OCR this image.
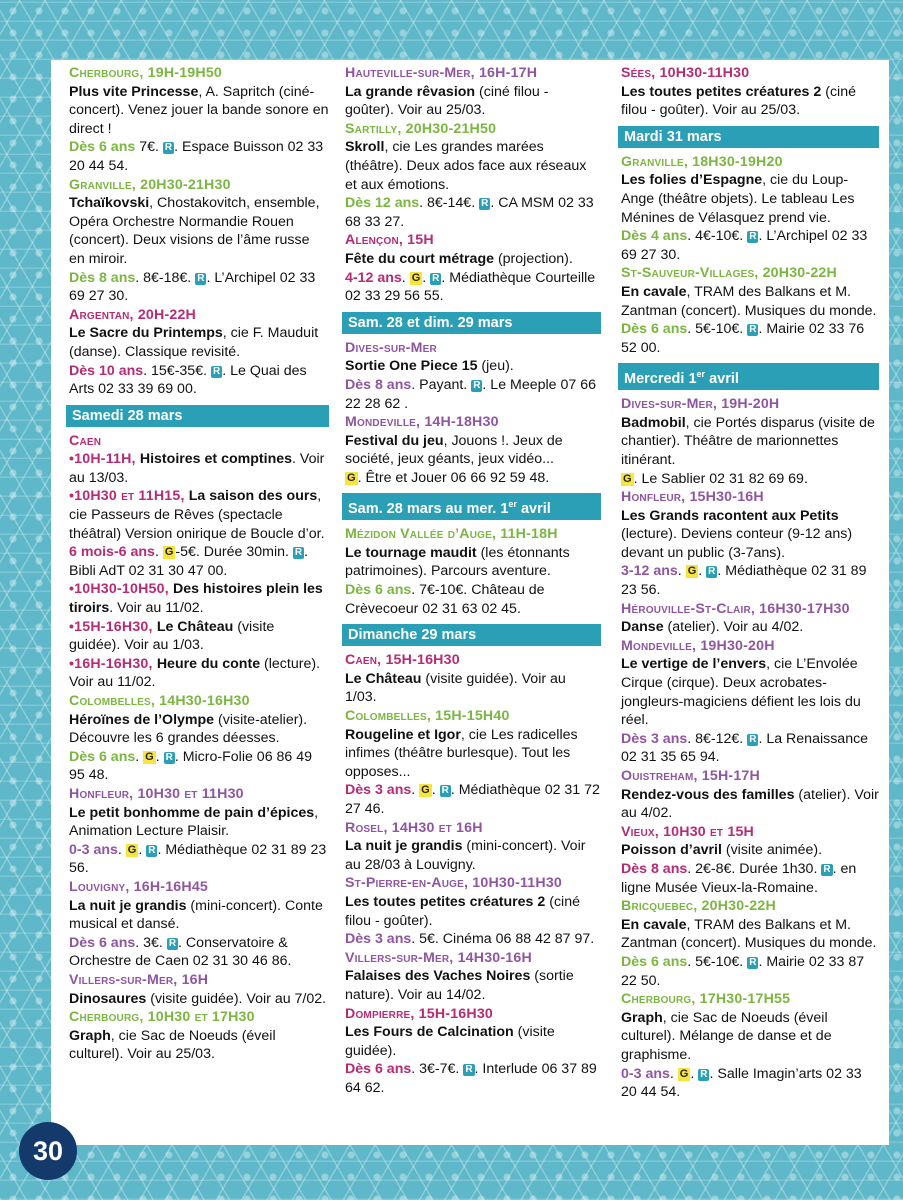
Cherbourg, 19H-19H50
Plus vite Princesse, A. Sapritch (ciné-concert). Venez jouer la bande sonore en direct !
Dès 6 ans 7€. R . Espace Buisson 02 33 20 44 54.

Granville, 20H30-21H30
Tchaïkovski, Chostakovitch, ensemble, Opéra Orchestre Normandie Rouen (concert). Deux visions de l’âme russe en miroir.
Dès 8 ans. 8€-18€. R . L’Archipel 02 33 69 27 30.

Argentan, 20H-22H
Le Sacre du Printemps, cie F. Mauduit (danse). Classique revisité.
Dès 10 ans. 15€-35€. R . Le Quai des Arts 02 33 39 69 00.

Samedi 28 mars

Caen
•10H-11H, Histoires et comptines. Voir au 13/03.
•10H30 et 11H15, La saison des ours, cie Passeurs de Rêves (spectacle théâtral) Version onirique de Boucle d’or. 6 mois-6 ans. G -5€. Durée 30min. R . Bibli AdT 02 31 30 47 00.
•10H30-10H50, Des histoires plein les tiroirs. Voir au 11/02.
•15H-16H30, Le Château (visite guidée). Voir au 1/03.
•16H-16H30, Heure du conte (lecture). Voir au 11/02.

Colombelles, 14H30-16H30
Héroïnes de l’Olympe (visite-atelier). Découvre les 6 grandes déesses.
Dès 6 ans. G . R . Micro-Folie 06 86 49 95 48.

Honfleur, 10H30 et 11H30
Le petit bonhomme de pain d’épices, Animation Lecture Plaisir.
0-3 ans. G . R . Médiathèque 02 31 89 23 56.

Louvigny, 16H-16H45
La nuit je grandis (mini-concert). Conte musical et dansé.
Dès 6 ans. 3€. R . Conservatoire & Orchestre de Caen 02 31 30 46 86.

Villers-sur-Mer, 16H
Dinosaures (visite guidée). Voir au 7/02.

Cherbourg, 10H30 et 17H30
Graph, cie Sac de Noeuds (éveil culturel). Voir au 25/03.

Hauteville-sur-Mer, 16H-17H
La grande rêvasion (ciné filou - goûter). Voir au 25/03.

Sartilly, 20H30-21H50
Skroll, cie Les grandes marées (théâtre). Deux ados face aux réseaux et aux émotions.
Dès 12 ans. 8€-14€. R . CA MSM 02 33 68 33 27.

Alençon, 15H
Fête du court métrage (projection).
4-12 ans. G . R . Médiathèque Courteille 02 33 29 56 55.

Sam. 28 et dim. 29 mars

Dives-sur-Mer
Sortie One Piece 15 (jeu).
Dès 8 ans. Payant. R . Le Meeple 07 66 22 28 62 .

Mondeville, 14H-18H30
Festival du jeu, Jouons !. Jeux de société, jeux géants, jeux vidéo...
G . Être et Jouer 06 66 92 59 48.

Sam. 28 mars au mer. 1er avril

Mézidon Vallée d’Auge, 11H-18H
Le tournage maudit (les étonnants patrimoines). Parcours aventure.
Dès 6 ans. 7€-10€. Château de Crèvecoeur 02 31 63 02 45.

Dimanche 29 mars

Caen, 15H-16H30
Le Château (visite guidée). Voir au 1/03.

Colombelles, 15H-15H40
Rougeline et Igor, cie Les radicelles infimes (théâtre burlesque). Tout les opposes...
Dès 3 ans. G . R . Médiathèque 02 31 72 27 46.

Rosel, 14H30 et 16H
La nuit je grandis (mini-concert). Voir au 28/03 à Louvigny.

St-Pierre-en-Auge, 10H30-11H30
Les toutes petites créatures 2 (ciné filou - goûter).
Dès 3 ans. 5€. Cinéma 06 88 42 87 97.

Villers-sur-Mer, 14H30-16H
Falaises des Vaches Noires (sortie nature). Voir au 14/02.

Dompierre, 15H-16H30
Les Fours de Calcination (visite guidée).
Dès 6 ans. 3€-7€. R . Interlude 06 37 89 64 62.

Sées, 10H30-11H30
Les toutes petites créatures 2 (ciné filou - goûter). Voir au 25/03.

Mardi 31 mars

Granville, 18H30-19H20
Les folies d’Espagne, cie du Loup-Ange (théâtre objets). Le tableau Les Ménines de Vélasquez prend vie.
Dès 4 ans. 4€-10€. R . L’Archipel 02 33 69 27 30.

St-Sauveur-Villages, 20H30-22H
En cavale, TRAM des Balkans et M. Zantman (concert). Musiques du monde.
Dès 6 ans. 5€-10€. R . Mairie 02 33 76 52 00.

Mercredi 1er avril

Dives-sur-Mer, 19H-20H
Badmobil, cie Portés disparus (visite de chantier). Théâtre de marionnettes itinérant.
G . Le Sablier 02 31 82 69 69.

Honfleur, 15H30-16H
Les Grands racontent aux Petits (lecture). Deviens conteur (9-12 ans) devant un public (3-7ans).
3-12 ans. G . R . Médiathèque 02 31 89 23 56.

Hérouville-St-Clair, 16H30-17H30
Danse (atelier). Voir au 4/02.

Mondeville, 19H30-20H
Le vertige de l’envers, cie L’Envolée Cirque (cirque). Deux acrobates-jongleurs-magiciens défient les lois du réel.
Dès 3 ans. 8€-12€. R . La Renaissance 02 31 35 65 94.

Ouistreham, 15H-17H
Rendez-vous des familles (atelier). Voir au 4/02.

Vieux, 10H30 et 15H
Poisson d’avril (visite animée).
Dès 8 ans. 2€-8€. Durée 1h30. R . en ligne Musée Vieux-la-Romaine.

Bricquebec, 20H30-22H
En cavale, TRAM des Balkans et M. Zantman (concert). Musiques du monde.
Dès 6 ans. 5€-10€. R . Mairie 02 33 87 22 50.

Cherbourg, 17H30-17H55
Graph, cie Sac de Noeuds (éveil culturel). Mélange de danse et de graphisme.
0-3 ans. G . R . Salle Imagin’arts 02 33 20 44 54.

30
